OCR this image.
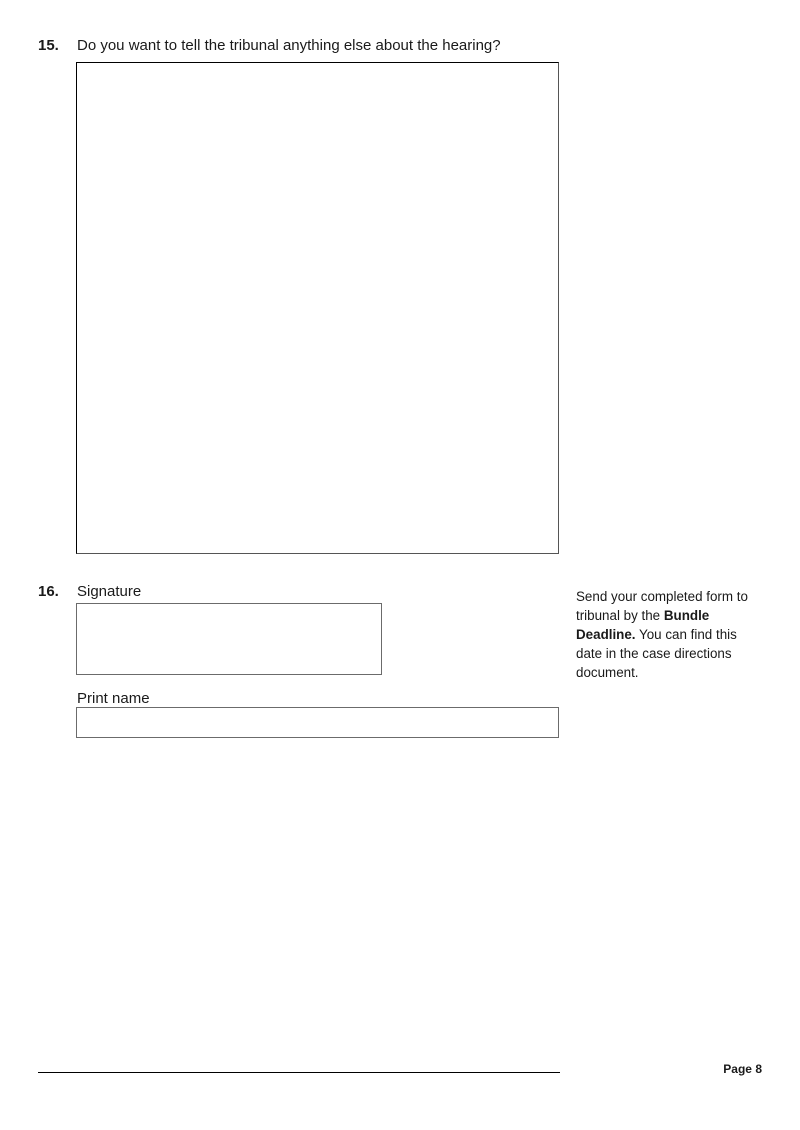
15. Do you want to tell the tribunal anything else about the hearing?
16. Signature
Print name
Send your completed form to tribunal by the Bundle Deadline. You can find this date in the case directions document.
Page 8
